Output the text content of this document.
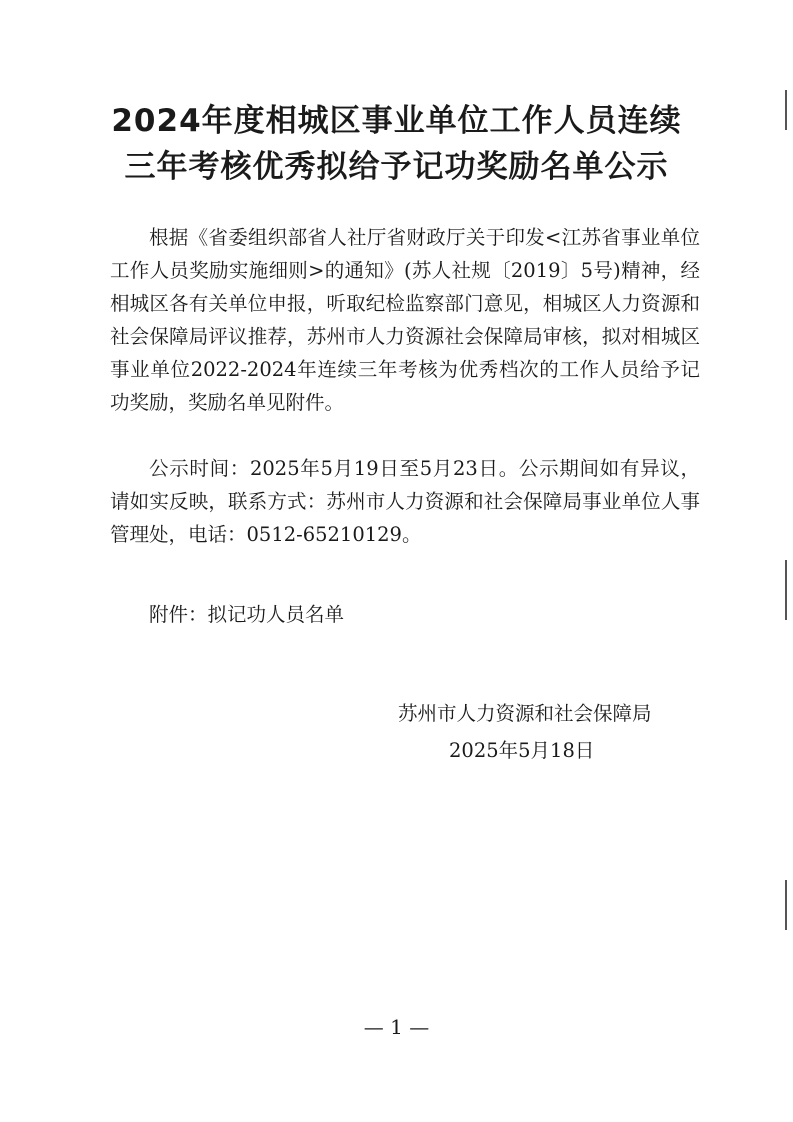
2024年度相城区事业单位工作人员连续
三年考核优秀拟给予记功奖励名单公示

根据《省委组织部省人社厅省财政厅关于印发<江苏省事业单位工作人员奖励实施细则>的通知》(苏人社规〔2019〕5号)精神，经相城区各有关单位申报，听取纪检监察部门意见，相城区人力资源和社会保障局评议推荐，苏州市人力资源社会保障局审核，拟对相城区事业单位2022-2024年连续三年考核为优秀档次的工作人员给予记功奖励，奖励名单见附件。

公示时间：2025年5月19日至5月23日。公示期间如有异议，请如实反映，联系方式：苏州市人力资源和社会保障局事业单位人事管理处，电话：0512-65210129。

附件：拟记功人员名单
苏州市人力资源和社会保障局
2025年5月18日
— 1 —
